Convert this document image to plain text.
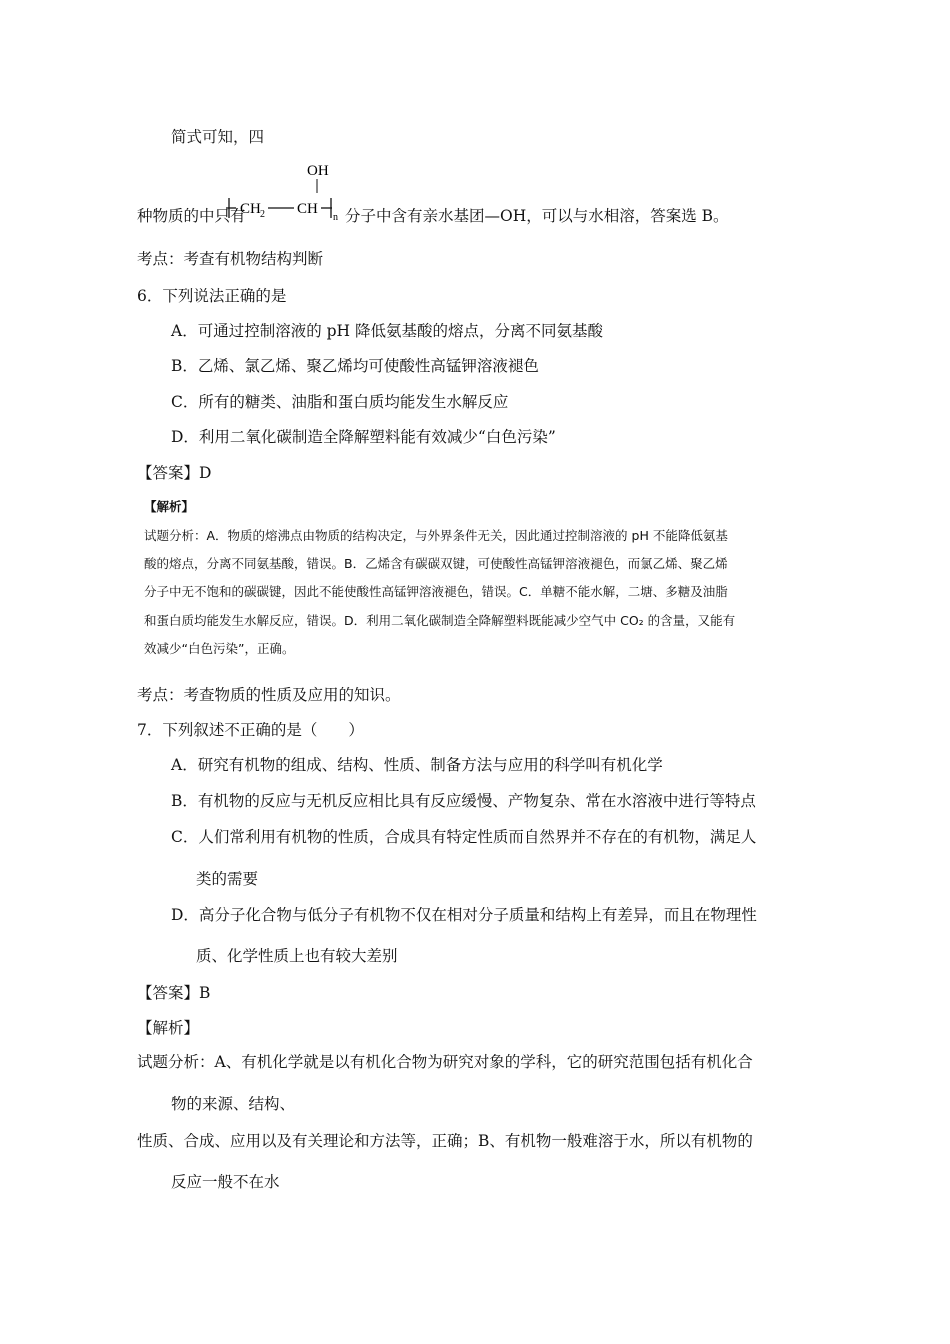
简式可知，四
种物质的中只有
OH
CH 2 CH
n 分子中含有亲水基团—OH，可以与水相溶，答案选 B。
考点：考查有机物结构判断
6．下列说法正确的是
A．可通过控制溶液的 pH 降低氨基酸的熔点，分离不同氨基酸
B．乙烯、氯乙烯、聚乙烯均可使酸性高锰钾溶液褪色
C．所有的糖类、油脂和蛋白质均能发生水解反应
D．利用二氧化碳制造全降解塑料能有效减少“白色污染”
【答案】D
【解析】
试题分析：A．物质的熔沸点由物质的结构决定，与外界条件无关，因此通过控制溶液的 pH 不能降低氨基
酸的熔点，分离不同氨基酸，错误。B．乙烯含有碳碳双键，可使酸性高锰钾溶液褪色，而氯乙烯、聚乙烯
分子中无不饱和的碳碳键，因此不能使酸性高锰钾溶液褪色，错误。C．单糖不能水解，二塘、多糖及油脂
和蛋白质均能发生水解反应，错误。D．利用二氧化碳制造全降解塑料既能减少空气中 CO₂ 的含量，又能有
效减少“白色污染”，正确。
考点：考查物质的性质及应用的知识。
7．下列叙述不正确的是（　　）
A．研究有机物的组成、结构、性质、制备方法与应用的科学叫有机化学
B．有机物的反应与无机反应相比具有反应缓慢、产物复杂、常在水溶液中进行等特点
C．人们常利用有机物的性质，合成具有特定性质而自然界并不存在的有机物，满足人
类的需要
D．高分子化合物与低分子有机物不仅在相对分子质量和结构上有差异，而且在物理性
质、化学性质上也有较大差别
【答案】B
【解析】
试题分析：A、有机化学就是以有机化合物为研究对象的学科，它的研究范围包括有机化合
物的来源、结构、
性质、合成、应用以及有关理论和方法等，正确；B、有机物一般难溶于水，所以有机物的
反应一般不在水
